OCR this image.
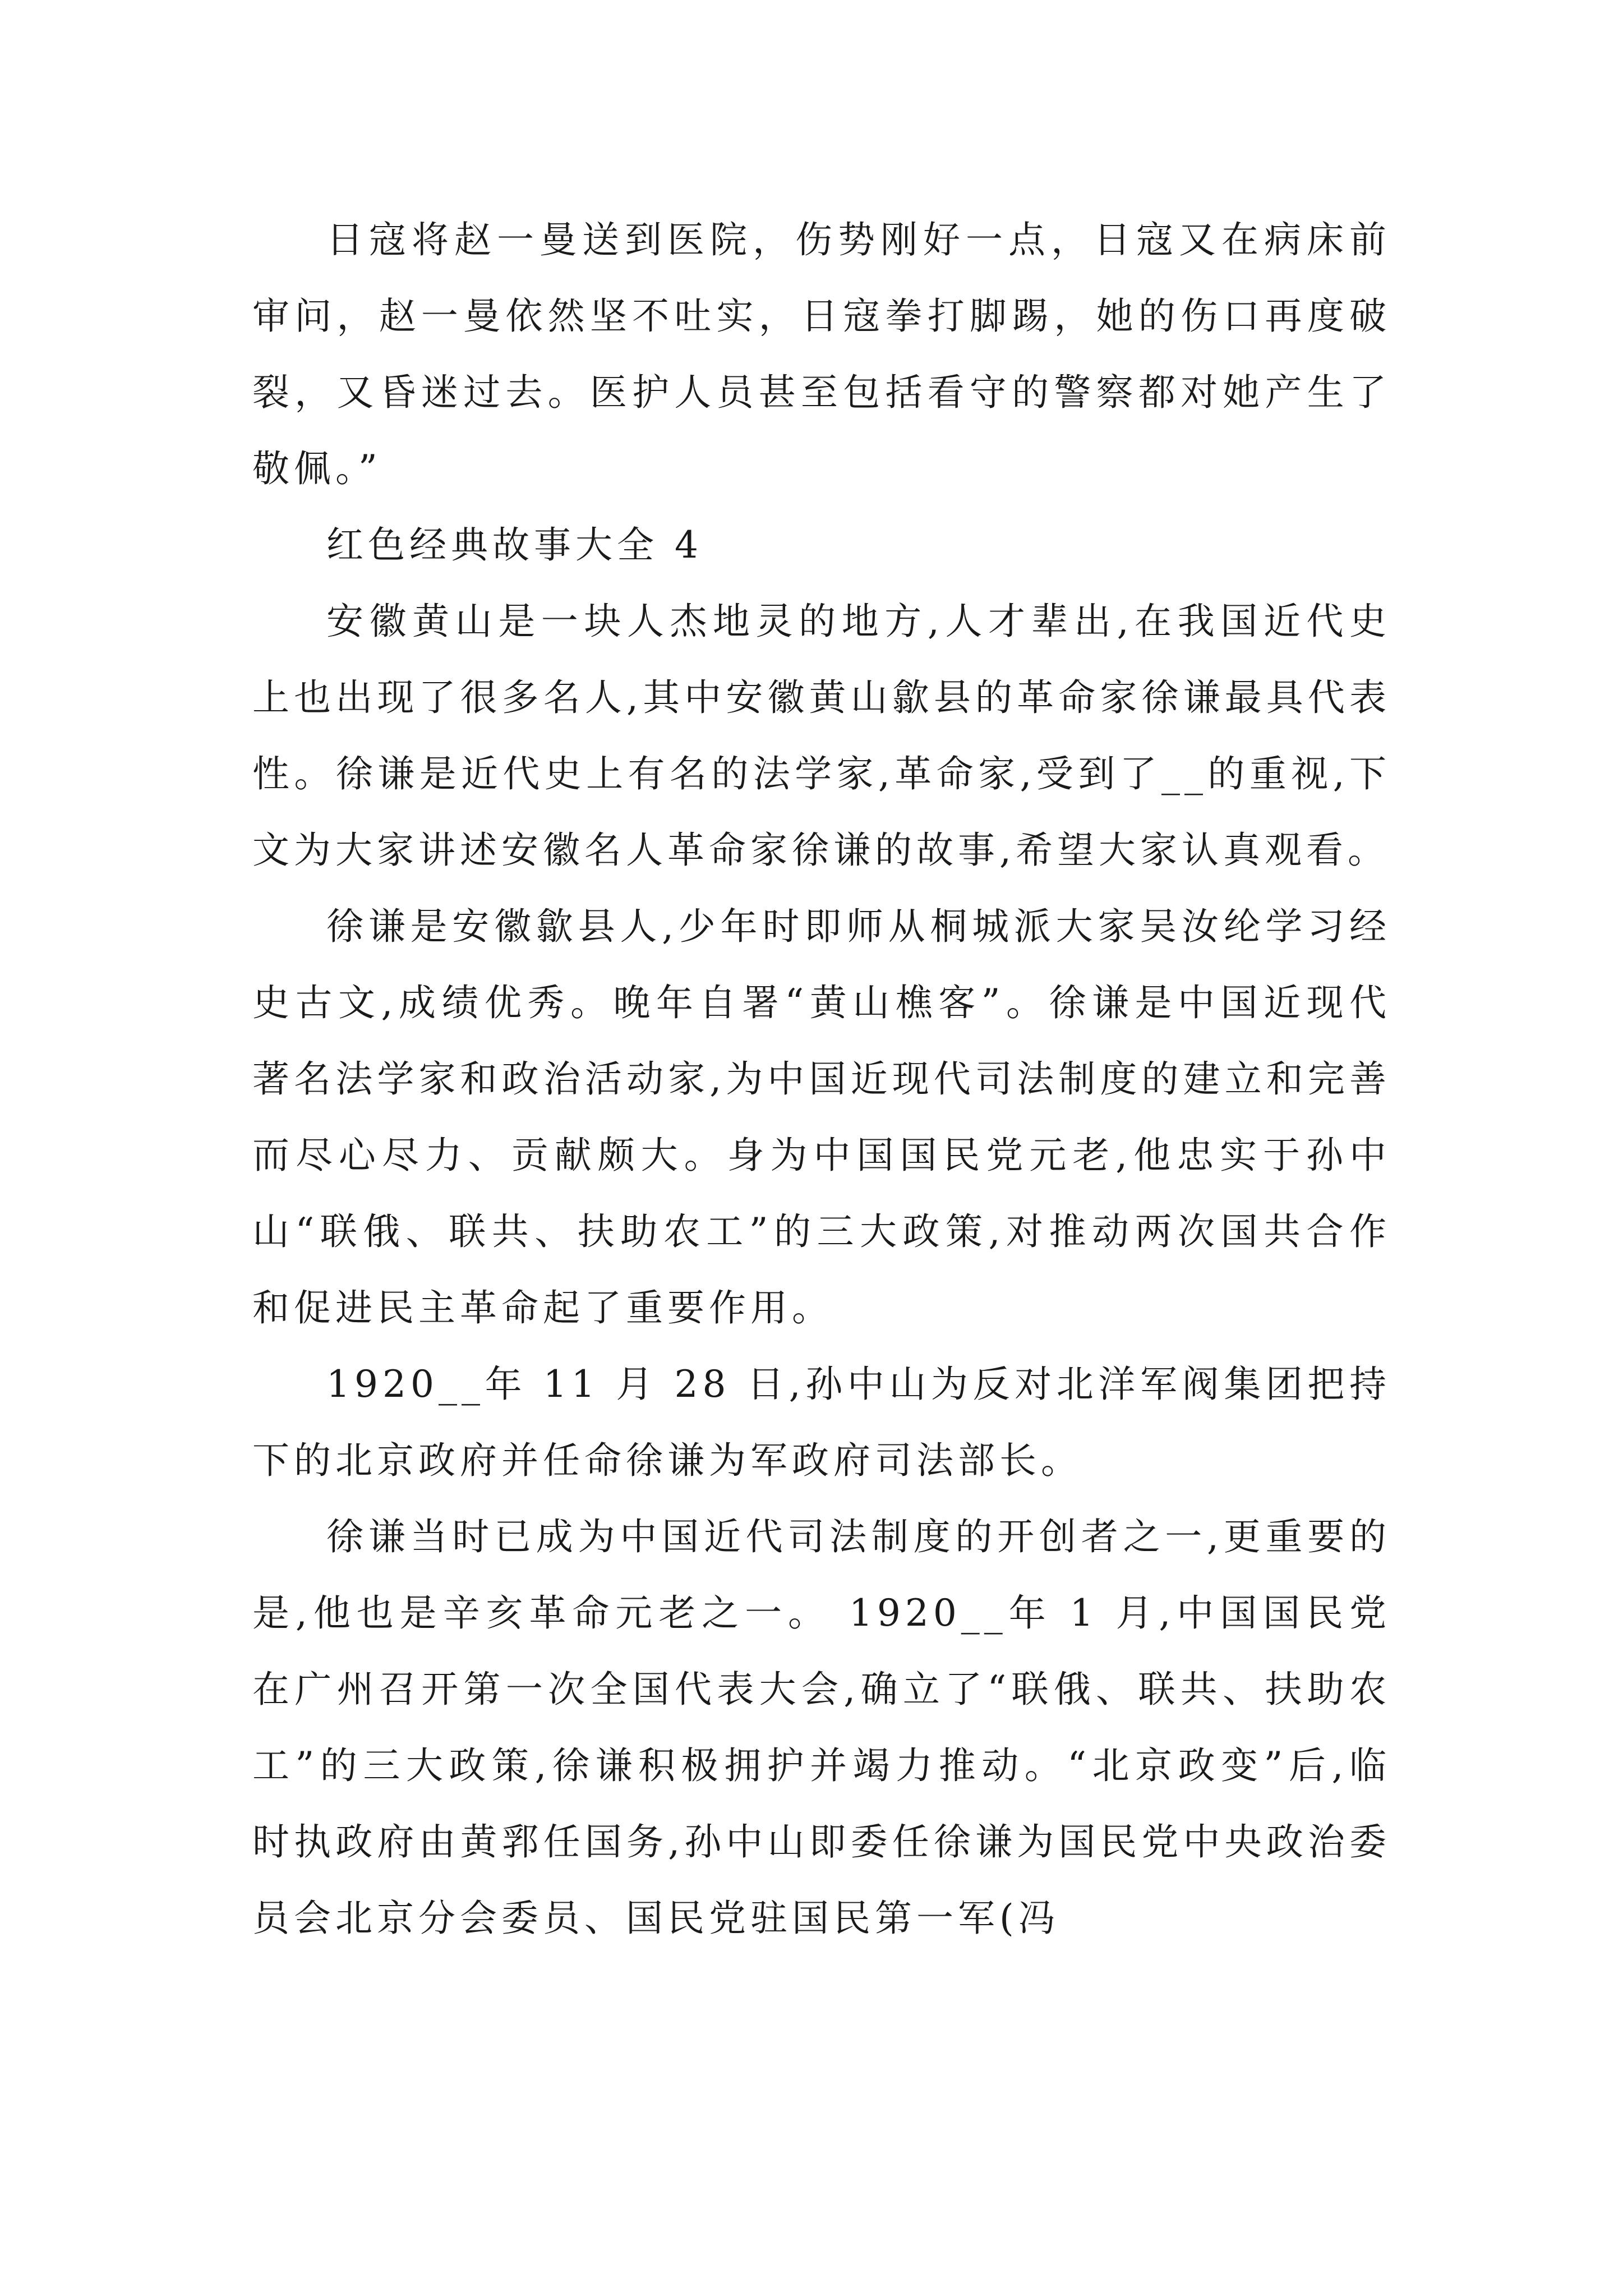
日寇将赵一曼送到医院，伤势刚好一点，日寇又在病床前审问，赵一曼依然坚不吐实，日寇拳打脚踢，她的伤口再度破裂，又昏迷过去。医护人员甚至包括看守的警察都对她产生了敬佩。”

红色经典故事大全 4

安徽黄山是一块人杰地灵的地方,人才辈出,在我国近代史上也出现了很多名人,其中安徽黄山歙县的革命家徐谦最具代表性。徐谦是近代史上有名的法学家,革命家,受到了__的重视,下文为大家讲述安徽名人革命家徐谦的故事,希望大家认真观看。

徐谦是安徽歙县人,少年时即师从桐城派大家吴汝纶学习经史古文,成绩优秀。晚年自署“黄山樵客”。徐谦是中国近现代著名法学家和政治活动家,为中国近现代司法制度的建立和完善而尽心尽力、贡献颇大。身为中国国民党元老,他忠实于孙中山“联俄、联共、扶助农工”的三大政策,对推动两次国共合作和促进民主革命起了重要作用。

1920__年 11 月 28 日,孙中山为反对北洋军阀集团把持下的北京政府并任命徐谦为军政府司法部长。

徐谦当时已成为中国近代司法制度的开创者之一,更重要的是,他也是辛亥革命元老之一。 1920__年 1 月,中国国民党在广州召开第一次全国代表大会,确立了“联俄、联共、扶助农工”的三大政策,徐谦积极拥护并竭力推动。“北京政变”后,临时执政府由黄郛任国务,孙中山即委任徐谦为国民党中央政治委员会北京分会委员、国民党驻国民第一军(冯
